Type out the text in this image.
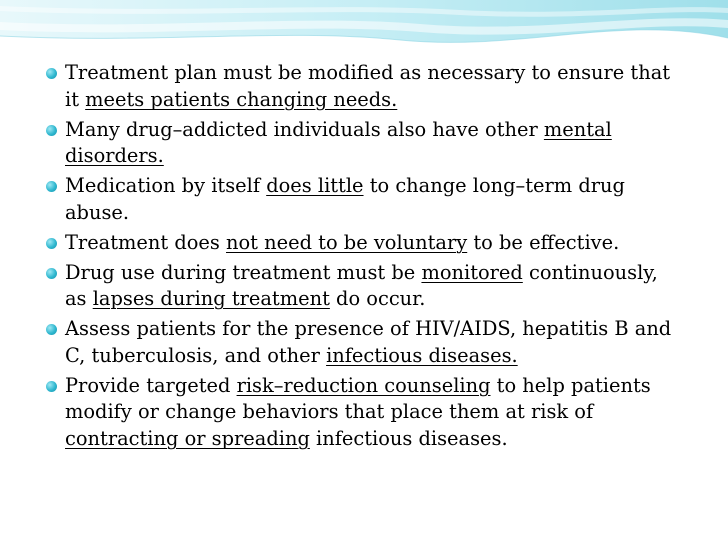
Treatment plan must be modified as necessary to ensure that it meets patients changing needs.
Many drug–addicted individuals also have other mental disorders.
Medication by itself does little to change long–term drug abuse.
Treatment does not need to be voluntary to be effective.
Drug use during treatment must be monitored continuously, as lapses during treatment do occur.
Assess patients for the presence of HIV/AIDS, hepatitis B and C, tuberculosis, and other infectious diseases.
Provide targeted risk–reduction counseling to help patients modify or change behaviors that place them at risk of contracting or spreading infectious diseases.
